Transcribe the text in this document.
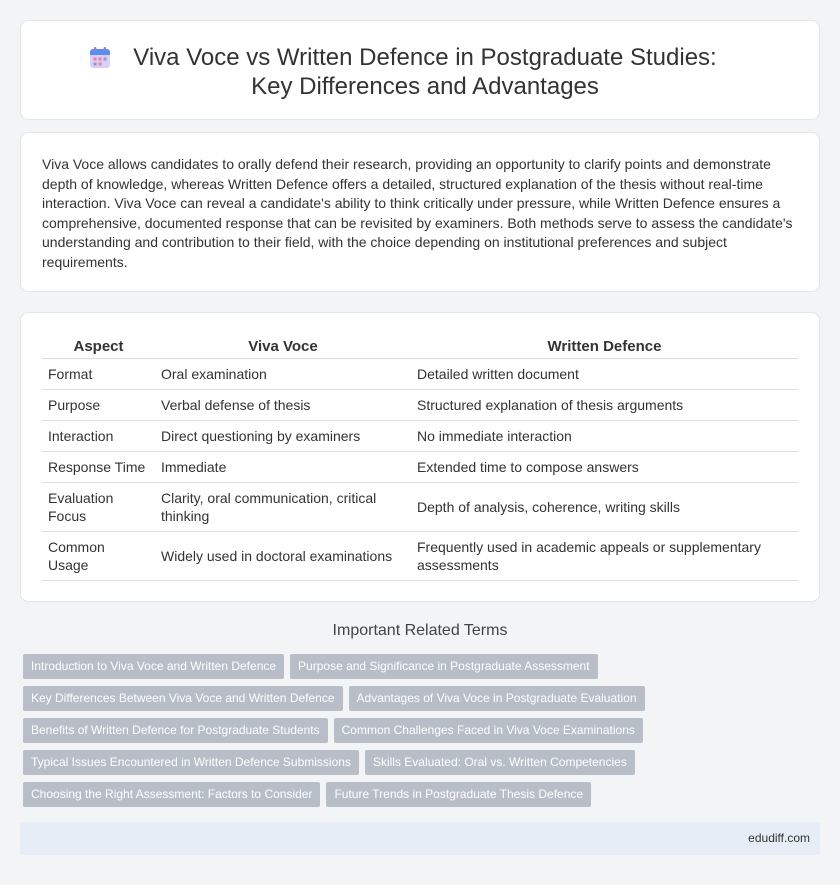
Viva Voce vs Written Defence in Postgraduate Studies: Key Differences and Advantages

Viva Voce allows candidates to orally defend their research, providing an opportunity to clarify points and demonstrate depth of knowledge, whereas Written Defence offers a detailed, structured explanation of the thesis without real-time interaction. Viva Voce can reveal a candidate's ability to think critically under pressure, while Written Defence ensures a comprehensive, documented response that can be revisited by examiners. Both methods serve to assess the candidate's understanding and contribution to their field, with the choice depending on institutional preferences and subject requirements.

Aspect	Viva Voce	Written Defence
Format	Oral examination	Detailed written document
Purpose	Verbal defense of thesis	Structured explanation of thesis arguments
Interaction	Direct questioning by examiners	No immediate interaction
Response Time	Immediate	Extended time to compose answers
Evaluation Focus	Clarity, oral communication, critical thinking	Depth of analysis, coherence, writing skills
Common Usage	Widely used in doctoral examinations	Frequently used in academic appeals or supplementary assessments
Important Related Terms
Introduction to Viva Voce and Written Defence Purpose and Significance in Postgraduate Assessment
Key Differences Between Viva Voce and Written Defence Advantages of Viva Voce in Postgraduate Evaluation
Benefits of Written Defence for Postgraduate Students Common Challenges Faced in Viva Voce Examinations
Typical Issues Encountered in Written Defence Submissions Skills Evaluated: Oral vs. Written Competencies
Choosing the Right Assessment: Factors to Consider Future Trends in Postgraduate Thesis Defence
edudiff.com
